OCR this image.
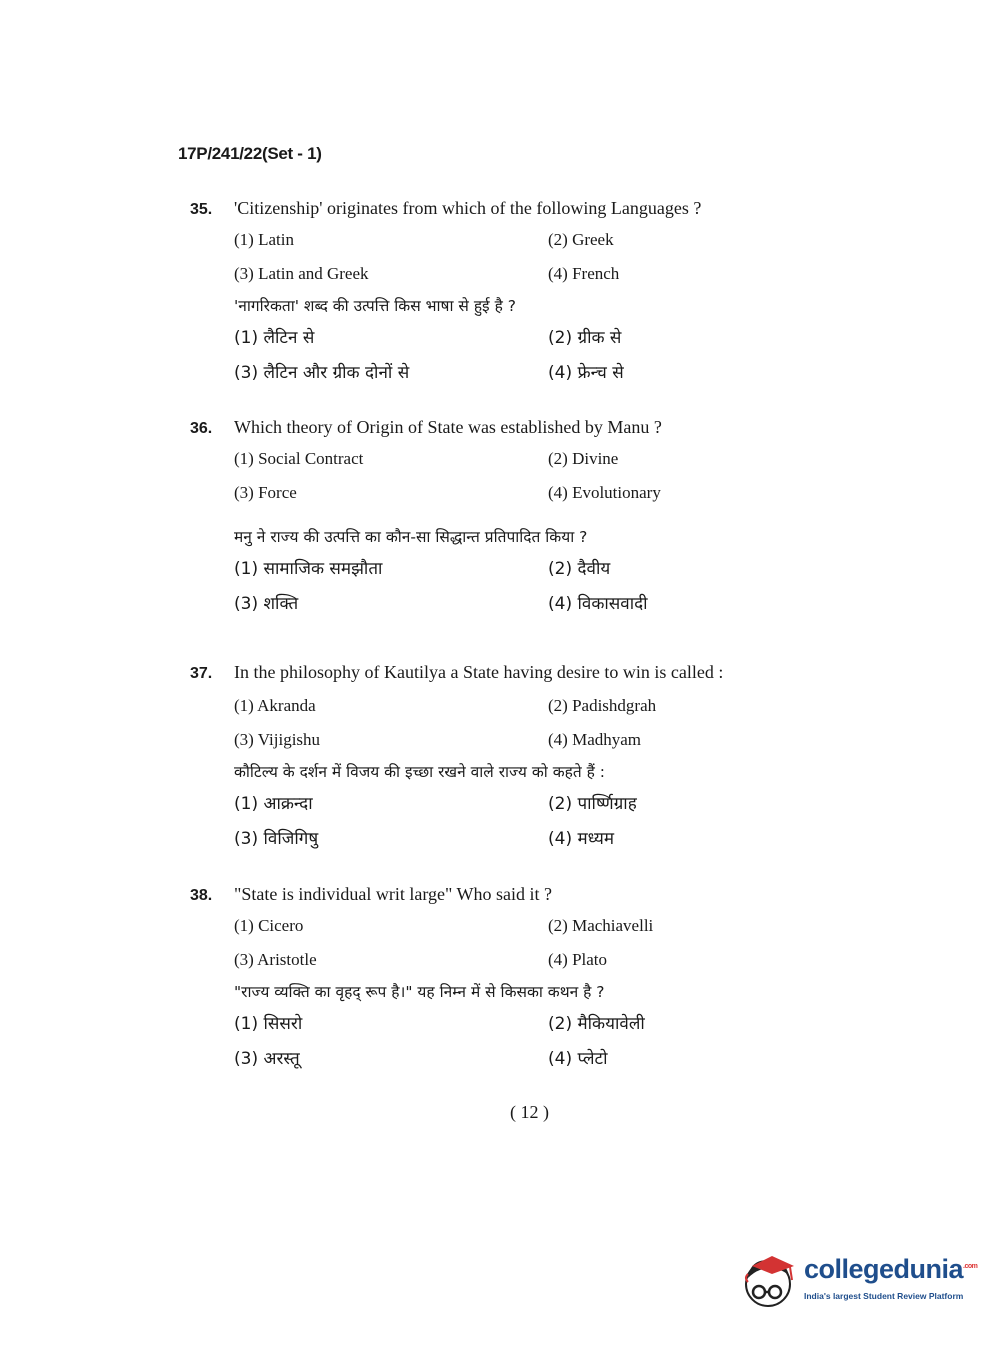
17P/241/22(Set - 1)
35.	'Citizenship' originates from which of the following Languages ?
(1) Latin	(2) Greek
(3) Latin and Greek	(4) French
'नागरिकता' शब्द की उत्पत्ति किस भाषा से हुई है ?
(1) लैटिन से	(2) ग्रीक से
(3) लैटिन और ग्रीक दोनों से	(4) फ्रेन्च से
36.	Which theory of Origin of State was established by Manu ?
(1) Social Contract	(2) Divine
(3) Force	(4) Evolutionary
मनु ने राज्य की उत्पत्ति का कौन-सा सिद्धान्त प्रतिपादित किया ?
(1) सामाजिक समझौता	(2) दैवीय
(3) शक्ति	(4) विकासवादी
37.	In the philosophy of Kautilya a State having desire to win is called :
(1) Akranda	(2) Padishdgrah
(3) Vijigishu	(4) Madhyam
कौटिल्य के दर्शन में विजय की इच्छा रखने वाले राज्य को कहते हैं :
(1) आक्रन्दा	(2) पार्ष्णिग्राह
(3) विजिगिषु	(4) मध्यम
38.	"State is individual writ large" Who said it ?
(1) Cicero	(2) Machiavelli
(3) Aristotle	(4) Plato
"राज्य व्यक्ति का वृहद् रूप है।" यह निम्न में से किसका कथन है ?
(1) सिसरो	(2) मैकियावेली
(3) अरस्तू	(4) प्लेटो
( 12 )
collegedunia$^{.com}$
India's largest Student Review Platform
